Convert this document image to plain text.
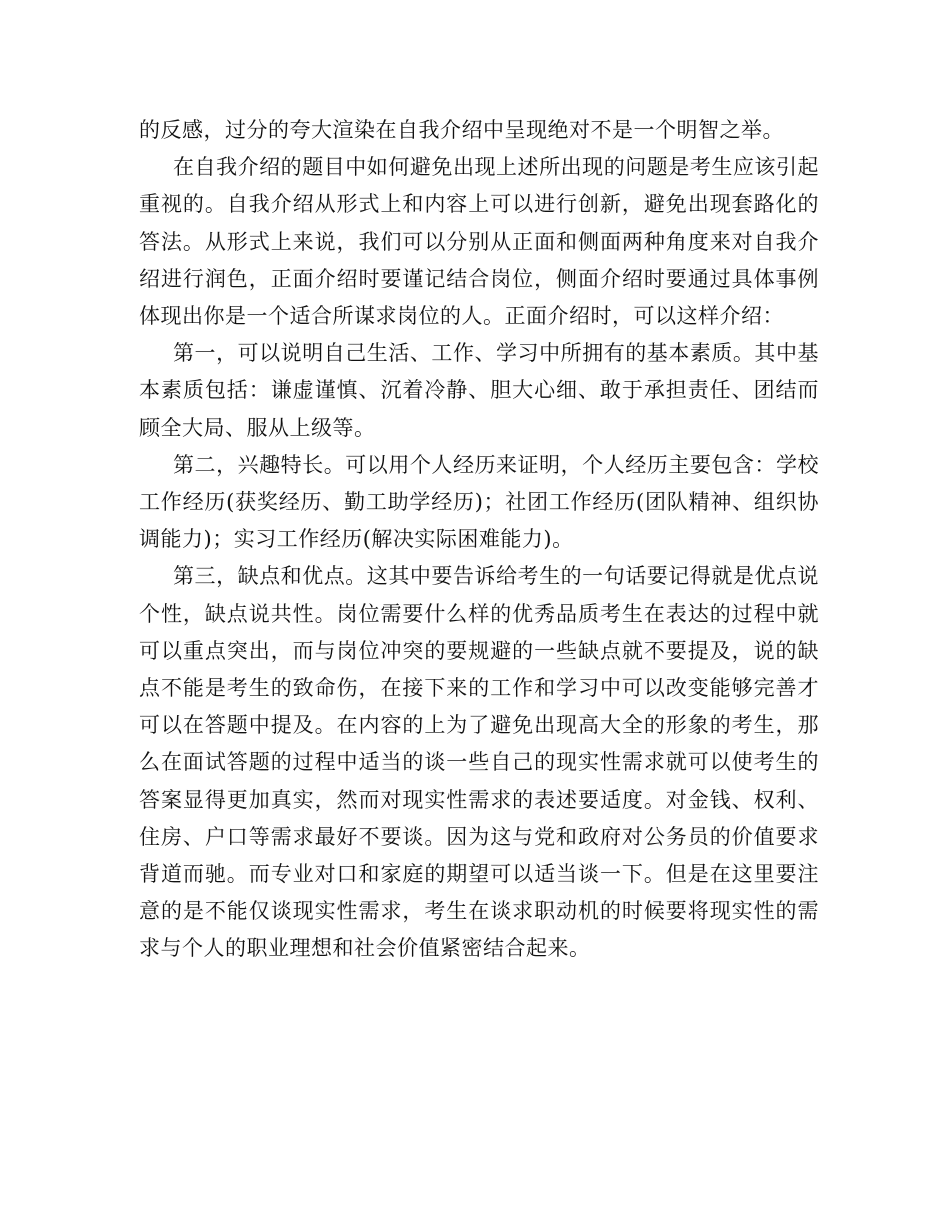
的反感，过分的夸大渲染在自我介绍中呈现绝对不是一个明智之举。

在自我介绍的题目中如何避免出现上述所出现的问题是考生应该引起重视的。自我介绍从形式上和内容上可以进行创新，避免出现套路化的答法。从形式上来说，我们可以分别从正面和侧面两种角度来对自我介绍进行润色，正面介绍时要谨记结合岗位，侧面介绍时要通过具体事例体现出你是一个适合所谋求岗位的人。正面介绍时，可以这样介绍：

第一，可以说明自己生活、工作、学习中所拥有的基本素质。其中基本素质包括：谦虚谨慎、沉着冷静、胆大心细、敢于承担责任、团结而顾全大局、服从上级等。

第二，兴趣特长。可以用个人经历来证明，个人经历主要包含：学校工作经历(获奖经历、勤工助学经历)；社团工作经历(团队精神、组织协调能力)；实习工作经历(解决实际困难能力)。

第三，缺点和优点。这其中要告诉给考生的一句话要记得就是优点说个性，缺点说共性。岗位需要什么样的优秀品质考生在表达的过程中就可以重点突出，而与岗位冲突的要规避的一些缺点就不要提及，说的缺点不能是考生的致命伤，在接下来的工作和学习中可以改变能够完善才可以在答题中提及。在内容的上为了避免出现高大全的形象的考生，那么在面试答题的过程中适当的谈一些自己的现实性需求就可以使考生的答案显得更加真实，然而对现实性需求的表述要适度。对金钱、权利、住房、户口等需求最好不要谈。因为这与党和政府对公务员的价值要求背道而驰。而专业对口和家庭的期望可以适当谈一下。但是在这里要注意的是不能仅谈现实性需求，考生在谈求职动机的时候要将现实性的需求与个人的职业理想和社会价值紧密结合起来。
